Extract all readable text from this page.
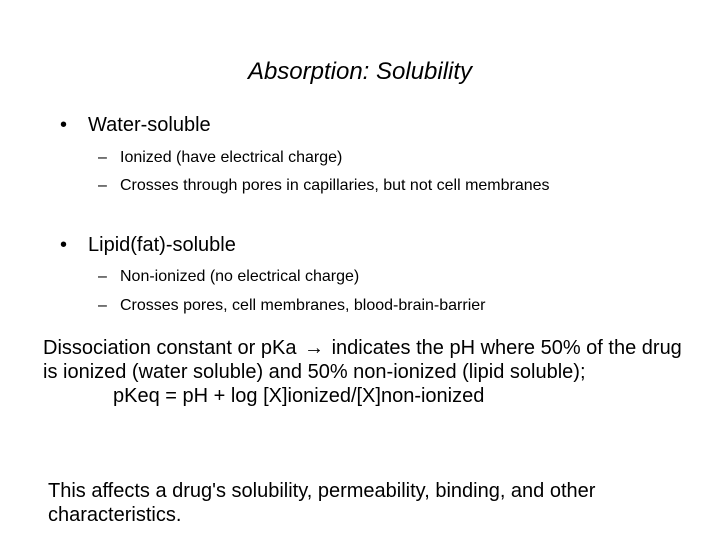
Absorption: Solubility
• Water-soluble
– Ionized (have electrical charge)
– Crosses through pores in capillaries, but not cell membranes
• Lipid(fat)-soluble
– Non-ionized (no electrical charge)
– Crosses pores, cell membranes, blood-brain-barrier
Dissociation constant or pKa → indicates the pH where 50% of the drug is ionized (water soluble) and 50% non-ionized (lipid soluble);
pKeq = pH + log [X]ionized/[X]non-ionized
This affects a drug's solubility, permeability, binding, and other characteristics.
